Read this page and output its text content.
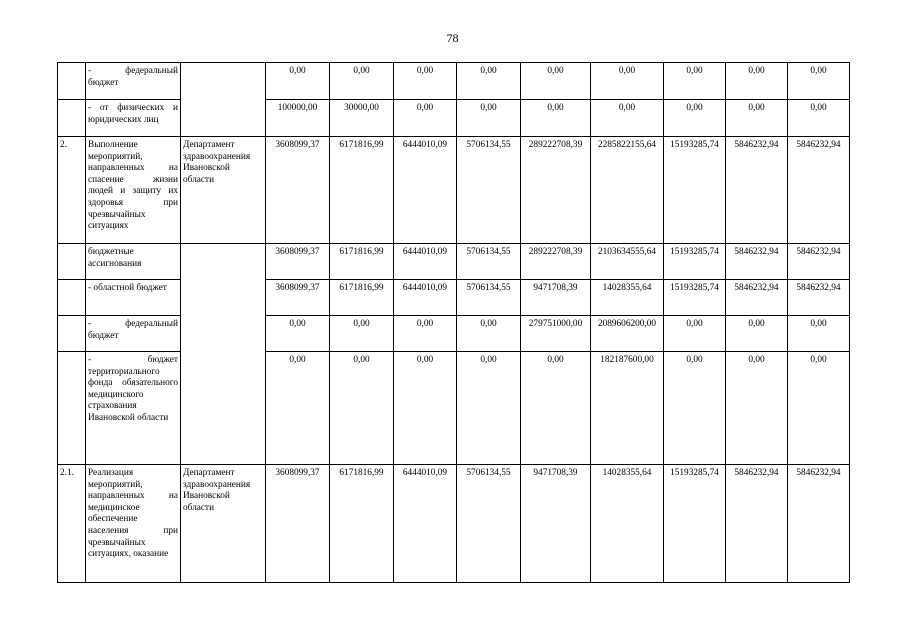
78
	- федеральный бюджет		0,00	0,00	0,00	0,00	0,00	0,00	0,00	0,00	0,00
	- от физических и юридических лиц		100000,00	30000,00	0,00	0,00	0,00	0,00	0,00	0,00	0,00
2.	Выполнение мероприятий, направленных на спасение жизни людей и защиту их здоровья при чрезвычайных ситуациях	Департамент здравоохранения Ивановской области	3608099,37	6171816,99	6444010,09	5706134,55	289222708,39	2285822155,64	15193285,74	5846232,94	5846232,94
	бюджетные ассигнования		3608099,37	6171816,99	6444010,09	5706134,55	289222708,39	2103634555,64	15193285,74	5846232,94	5846232,94
	- областной бюджет		3608099,37	6171816,99	6444010,09	5706134,55	9471708,39	14028355,64	15193285,74	5846232,94	5846232,94
	- федеральный бюджет		0,00	0,00	0,00	0,00	279751000,00	2089606200,00	0,00	0,00	0,00
	- бюджет территориального фонда обязательного медицинского страхования Ивановской области		0,00	0,00	0,00	0,00	0,00	182187600,00	0,00	0,00	0,00
2.1.	Реализация мероприятий, направленных на медицинское обеспечение населения при чрезвычайных ситуациях, оказание	Департамент здравоохранения Ивановской области	3608099,37	6171816,99	6444010,09	5706134,55	9471708,39	14028355,64	15193285,74	5846232,94	5846232,94
